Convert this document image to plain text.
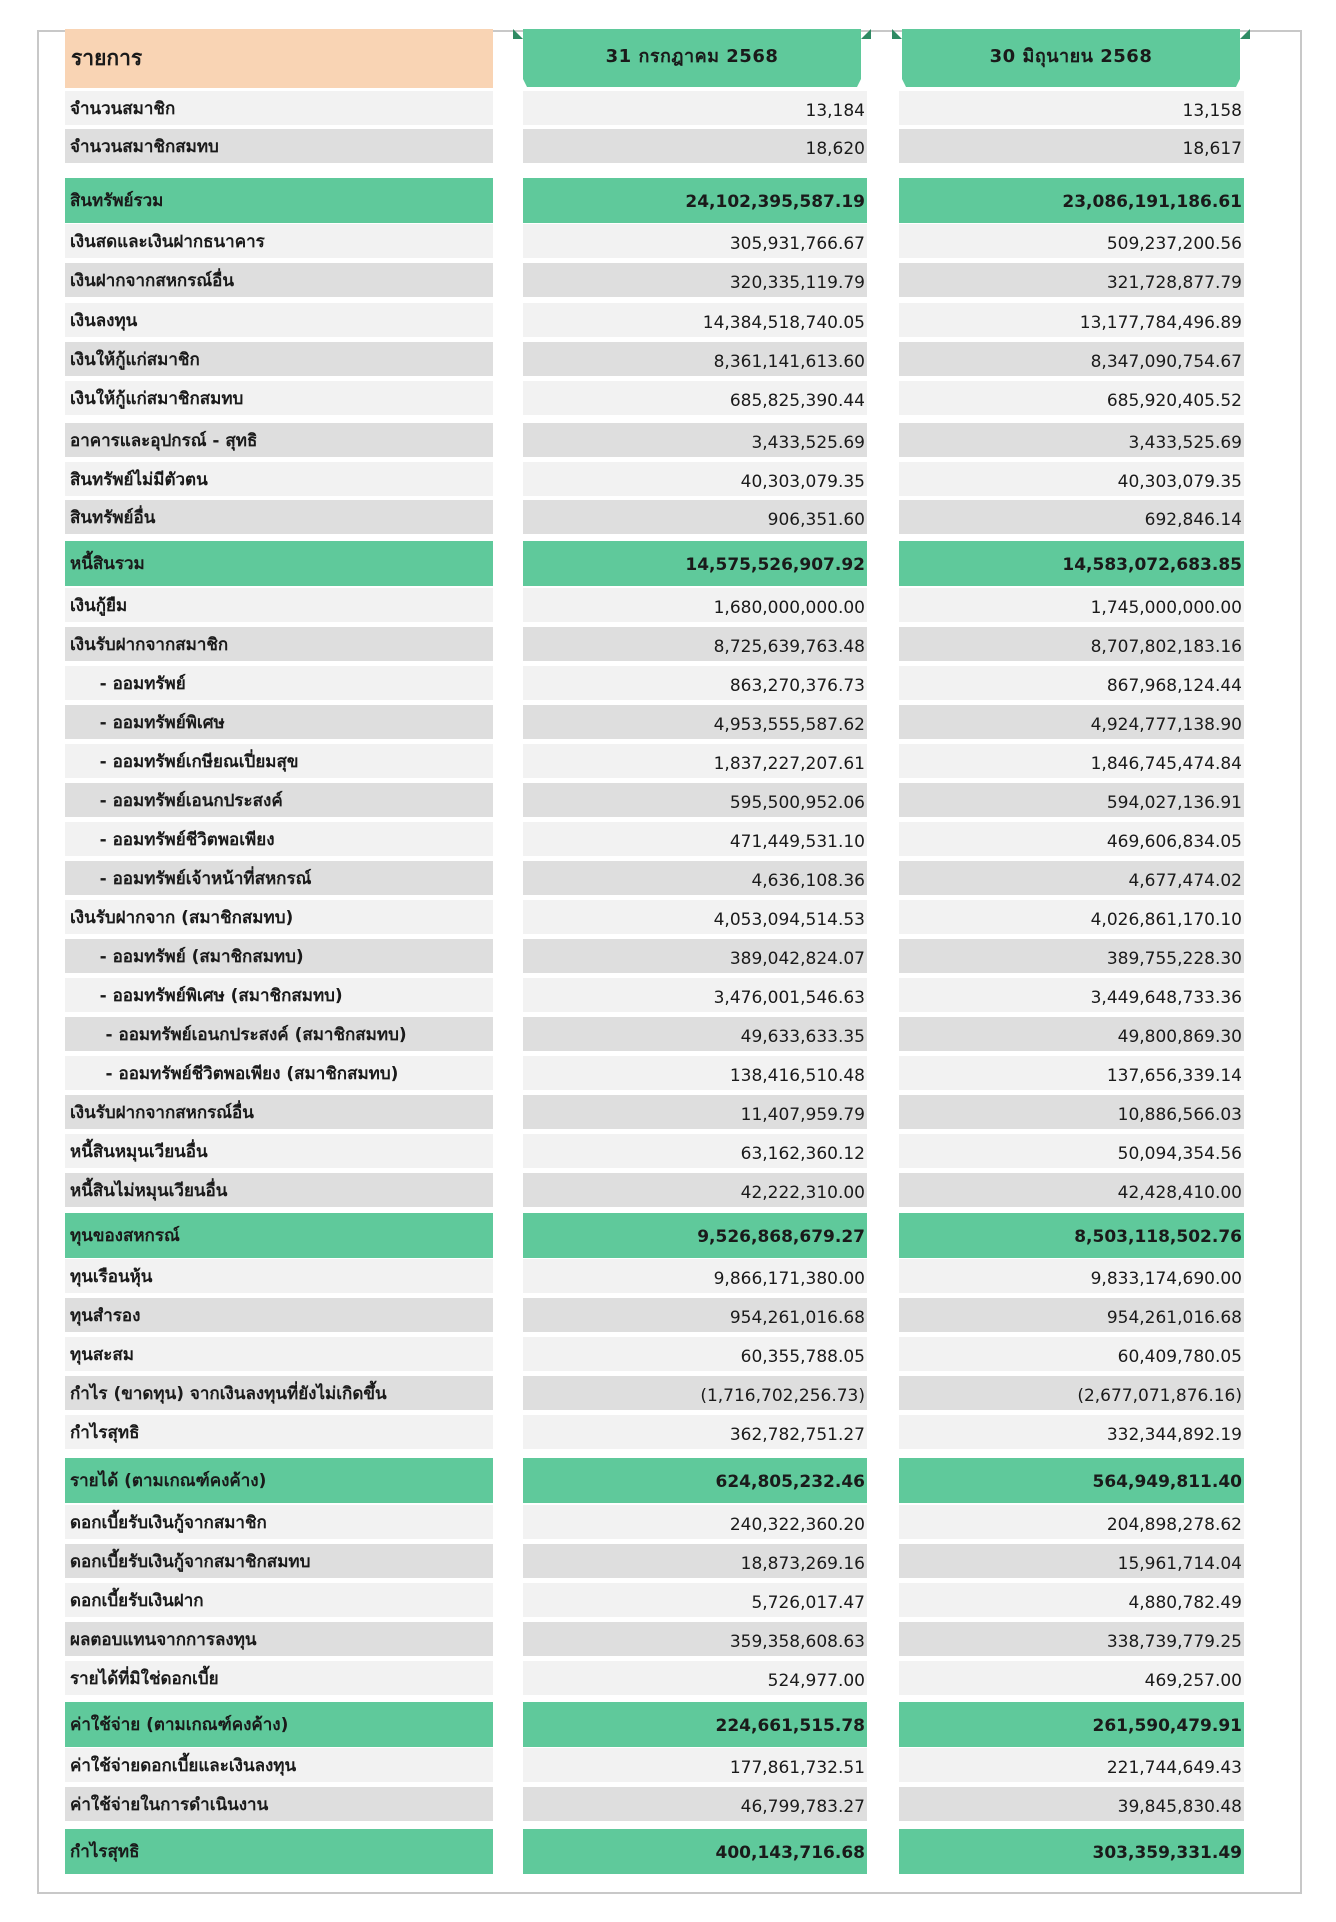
รายการ	31 กรกฎาคม 2568	30 มิถุนายน 2568
จำนวนสมาชิก	13,184	13,158
จำนวนสมาชิกสมทบ	18,620	18,617
สินทรัพย์รวม	24,102,395,587.19	23,086,191,186.61
เงินสดและเงินฝากธนาคาร	305,931,766.67	509,237,200.56
เงินฝากจากสหกรณ์อื่น	320,335,119.79	321,728,877.79
เงินลงทุน	14,384,518,740.05	13,177,784,496.89
เงินให้กู้แก่สมาชิก	8,361,141,613.60	8,347,090,754.67
เงินให้กู้แก่สมาชิกสมทบ	685,825,390.44	685,920,405.52
อาคารและอุปกรณ์ - สุทธิ	3,433,525.69	3,433,525.69
สินทรัพย์ไม่มีตัวตน	40,303,079.35	40,303,079.35
สินทรัพย์อื่น	906,351.60	692,846.14
หนี้สินรวม	14,575,526,907.92	14,583,072,683.85
เงินกู้ยืม	1,680,000,000.00	1,745,000,000.00
เงินรับฝากจากสมาชิก	8,725,639,763.48	8,707,802,183.16
- ออมทรัพย์	863,270,376.73	867,968,124.44
- ออมทรัพย์พิเศษ	4,953,555,587.62	4,924,777,138.90
- ออมทรัพย์เกษียณเปี่ยมสุข	1,837,227,207.61	1,846,745,474.84
- ออมทรัพย์เอนกประสงค์	595,500,952.06	594,027,136.91
- ออมทรัพย์ชีวิตพอเพียง	471,449,531.10	469,606,834.05
- ออมทรัพย์เจ้าหน้าที่สหกรณ์	4,636,108.36	4,677,474.02
เงินรับฝากจาก (สมาชิกสมทบ)	4,053,094,514.53	4,026,861,170.10
- ออมทรัพย์ (สมาชิกสมทบ)	389,042,824.07	389,755,228.30
- ออมทรัพย์พิเศษ (สมาชิกสมทบ)	3,476,001,546.63	3,449,648,733.36
- ออมทรัพย์เอนกประสงค์ (สมาชิกสมทบ)	49,633,633.35	49,800,869.30
- ออมทรัพย์ชีวิตพอเพียง (สมาชิกสมทบ)	138,416,510.48	137,656,339.14
เงินรับฝากจากสหกรณ์อื่น	11,407,959.79	10,886,566.03
หนี้สินหมุนเวียนอื่น	63,162,360.12	50,094,354.56
หนี้สินไม่หมุนเวียนอื่น	42,222,310.00	42,428,410.00
ทุนของสหกรณ์	9,526,868,679.27	8,503,118,502.76
ทุนเรือนหุ้น	9,866,171,380.00	9,833,174,690.00
ทุนสำรอง	954,261,016.68	954,261,016.68
ทุนสะสม	60,355,788.05	60,409,780.05
กำไร (ขาดทุน) จากเงินลงทุนที่ยังไม่เกิดขึ้น	(1,716,702,256.73)	(2,677,071,876.16)
กำไรสุทธิ	362,782,751.27	332,344,892.19
รายได้ (ตามเกณฑ์คงค้าง)	624,805,232.46	564,949,811.40
ดอกเบี้ยรับเงินกู้จากสมาชิก	240,322,360.20	204,898,278.62
ดอกเบี้ยรับเงินกู้จากสมาชิกสมทบ	18,873,269.16	15,961,714.04
ดอกเบี้ยรับเงินฝาก	5,726,017.47	4,880,782.49
ผลตอบแทนจากการลงทุน	359,358,608.63	338,739,779.25
รายได้ที่มิใช่ดอกเบี้ย	524,977.00	469,257.00
ค่าใช้จ่าย (ตามเกณฑ์คงค้าง)	224,661,515.78	261,590,479.91
ค่าใช้จ่ายดอกเบี้ยและเงินลงทุน	177,861,732.51	221,744,649.43
ค่าใช้จ่ายในการดำเนินงาน	46,799,783.27	39,845,830.48
กำไรสุทธิ	400,143,716.68	303,359,331.49
